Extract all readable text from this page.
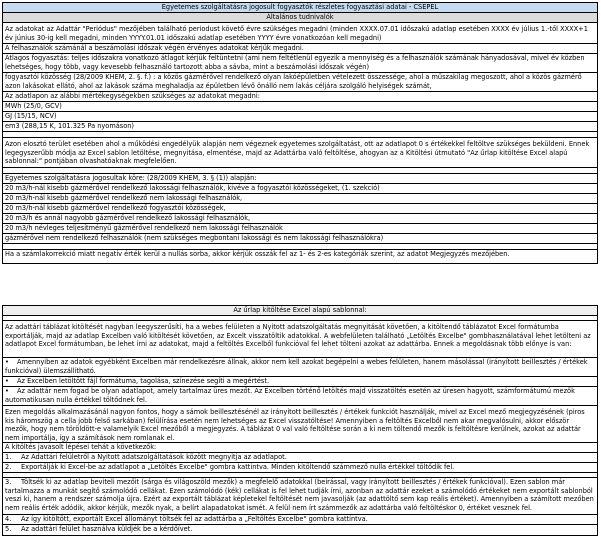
Egyetemes szolgáltatásra jogosult fogyasztók részletes fogyasztási adatai - CSEPEL
Általános tudnivalók
Az adatokat az Adattár "Periódus" mezőjében található periodust követő évre szükséges megadni (minden XXXX.07.01 időszakú adatlap esetében XXXX év július 1.-től XXXX+1 év június 30-ig kell megadni, minden YYYY.01.01 időszakú adatlap esetében YYYY évre vonatkozóan kell megadni)
A felhasználók számánál a beszámolási időszak végén érvényes adatokat kérjük megadni.
Átlagos fogyasztás: teljes időszakra vonatkozó átlagot kérjük feltüntetni (ami nem feltétlenül egyezik a mennyiség és a felhasználók számának hányadosával, mivel év közben lehetséges, hogy több, vagy kevesebb felhasználó tartozott abba a sávba, mint a beszámolási időszak végén)
fogyasztói közösség (28/2009 KHEM, 2. §. f.) : a közös gázmérővel rendelkező olyan lakóépületben vételezett összessége, ahol a műszakilag megoszott, ahol a közös gázmérő azon lakásokat ellátó, ahol az lakások száma meghaladja az épületben lévő önálló nem lakás céljára szolgáló helyiségek számát,
Az adatlapon az alábbi mértékegységekben szükséges az adatokat megadni:
MWh (25/0, GCV)
GJ (15/15, NCV)
em3 (288,15 K, 101.325 Pa nyomáson)
Azon elosztó terület esetében ahol a működési engedélyük alapján nem végeznek egyetemes szolgáltatást, ott az adatlapot 0 s értékekkel feltöltve szükséges beküldeni. Ennek legegyszerűbb módja az Excel sablon letöltése, megnyitása, elmentése, majd az Adattárba való feltöltése, ahogyan az a Kitöltési útmutató "Az űrlap kitöltése Excel alapú sablonnal:" pontjában olvashatóaknak megfelelően.
Egyetemes szolgáltatásra jogosultak köre: (28/2009 KHEM, 3. § (1)) alapján:
20 m3/h-nál kisebb gázmérővel rendelkező lakossági felhasználók, kivéve a fogyasztói közösségeket, (1. szekció)
20 m3/h-nál kisebb gázmérővel rendelkező nem lakossági felhasználók,
20 m3/h-nál kisebb gázmérővel rendelkező fogyasztói közösségek,
20 m3/h és annál nagyobb gázmérővel rendelkező lakossági felhasználók,
20 m3/h névleges teljesítményű gázmérővel rendelkező nem lakossági felhasználók
gázmérővel nem rendelkező felhasználók (nem szükséges megbontani lakossági és nem lakossági felhasználókra)
Ha a számlakorrekció miatt negatív érték kerül a nullás sorba, akkor kérjük osszák fel az 1- és 2-es kategóriák szerint, az adatot Megjegyzés mezőjében.
Az űrlap kitöltése Excel alapú sablonnal:
Az adattári táblázat kitöltését nagyban leegyszerűsíti, ha a webes felületen a Nyitott adatszolgáltatás megnyitását követően, a kitöltendő táblázatot Excel formátumba exportálják, majd az adatlap Excelben való kitöltését követően, az Excelt visszatöltik adatokkal. A webfelületen található „Letöltés Excelbe" gombhasználatával lehet letölteni az adatlapot Excel formátumban, be lehet írni az adatokat, majd a feltöltés Excelből funkcióval fel lehet tölteni azokat az adattárba. Ennek a megoldásnak több előnye is van:
• Amennyiben az adatok egyébként Excelben már rendelkezésre állnak, akkor nem kell azokat begépelni a webes felületen, hanem másolással (irányított beillesztés / értékek funkcióval) ülemszállítható.
• Az Excelben letöltött fájl formátuma, tagolása, színezése segíti a megértést.
• Az adattár nem fogad be olyan adatlapot, amely tartalmaz üres mezőt. Az Excelben történő letöltés majd visszatöltés esetén az üresen hagyott, számformátumú mezők automatikusan nulla értékkel töltődnek fel.
Ezen megoldás alkalmazásánál nagyon fontos, hogy a sámok beillesztésénél az irányított beillesztés / értékek funkciót használják, mivel az Excel mező megjegyzésének (piros kis háromszög a cella jobb felső sarkában) felülírása esetén nem lehetséges az Excel visszatöltése! Amennyiben a feltöltés Excelből nem akar megvalósulni, akkor először mezők, hogy nem töröldött-e valamelyik Excel mezőből a megjegyzés. A táblázat 0 val való feltöltése során a ki nem töltendő mezők is feltöltésre kerülnek, azokat az adattár nem importálja, így a számítások nem romlanak el.
A kitöltés javasolt lépései tehát a következők:
1. Az Adattári felületről a Nyitott adatszolgáltatások között megnyitja az adatlapot.
2. Exportálják ki Excel-be az adatlapot a „Letöltés Excelbe" gombra kattintva. Minden kitöltendő számmező nulla értékkel töltődik fel.
3. Töltsék ki az adatlap beviteli mezőit (sárga és világoszöld mezők) a megfelelő adatokkal (beírással, vagy irányított beillesztés / értékek funkcióval). Ezen sablon már tartalmazza a munkát segítő számolódó cellákat. Ezen számolódó (kék) cellákat is fel lehet tudják írni, azonban az adattár ezeket a számolódó értékeket nem exportált sablonból veszi ki, hanem a rendszer számolja újra. Ezért az exportált táblázat képletekel feltöltését nem javasolják (az adattöltő sem kap reális értéket). Amennyiben a számított mezőben nem reális érték adódik, akkor kérjük, mezők nyak, a belírt alapadatokat ismét. A felül nem írt számmezők az adattárba való feltöltéskor 0, értéket vesznek fel.
4. Az így kitöltött, exportált Excel állományt töltsék fel az adattárba a „Feltöltés Excelbe" gombra kattintva.
5. Az adattári felület használva küldjék be a kérdőívet.
